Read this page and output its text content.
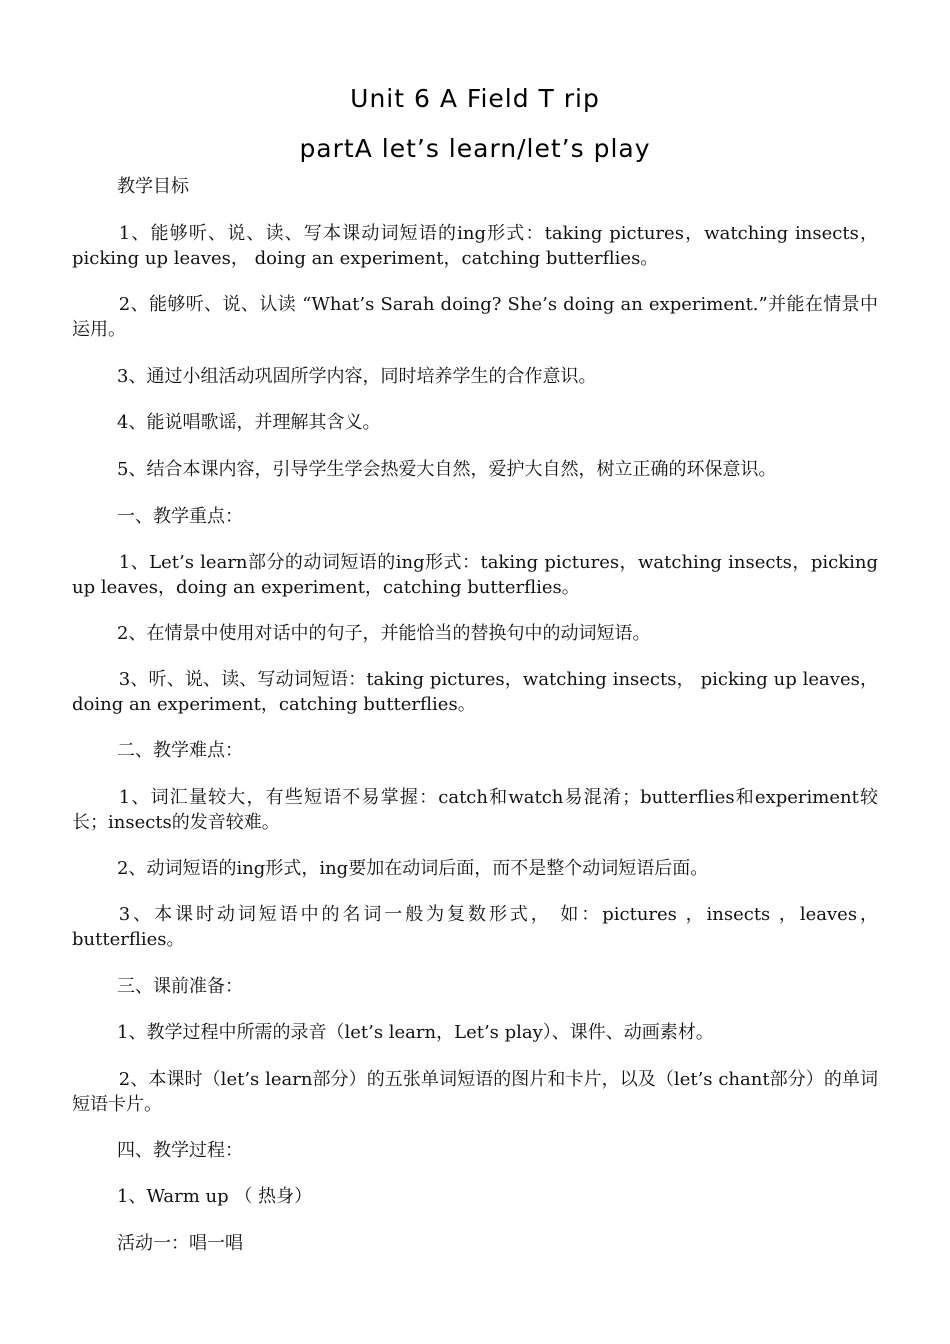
Unit 6 A Field T rip
partA let’s learn/let’s play

教学目标

1、能够听、说、读、写本课动词短语的ing形式：taking pictures，watching insects， picking up leaves， doing an experiment，catching butterflies。

2、能够听、说、认读 “What’s Sarah doing? She’s doing an experiment.”并能在情景中运用。

3、通过小组活动巩固所学内容，同时培养学生的合作意识。

4、能说唱歌谣，并理解其含义。

5、结合本课内容，引导学生学会热爱大自然，爱护大自然，树立正确的环保意识。

一、教学重点：

1、Let’s learn部分的动词短语的ing形式：taking pictures，watching insects，picking up leaves，doing an experiment，catching butterflies。

2、在情景中使用对话中的句子，并能恰当的替换句中的动词短语。

3、听、说、读、写动词短语：taking pictures，watching insects， picking up leaves， doing an experiment，catching butterflies。

二、教学难点：

1、词汇量较大，有些短语不易掌握：catch和watch易混淆；butterflies和experiment较长；insects的发音较难。

2、动词短语的ing形式，ing要加在动词后面，而不是整个动词短语后面。

3、本课时动词短语中的名词一般为复数形式， 如：pictures ，insects ，leaves，butterflies。

三、课前准备：

1、教学过程中所需的录音（let’s learn，Let’s play）、课件、动画素材。

2、本课时（let’s learn部分）的五张单词短语的图片和卡片，以及（let’s chant部分）的单词短语卡片。

四、教学过程：

1、Warm up （ 热身）

活动一：唱一唱
